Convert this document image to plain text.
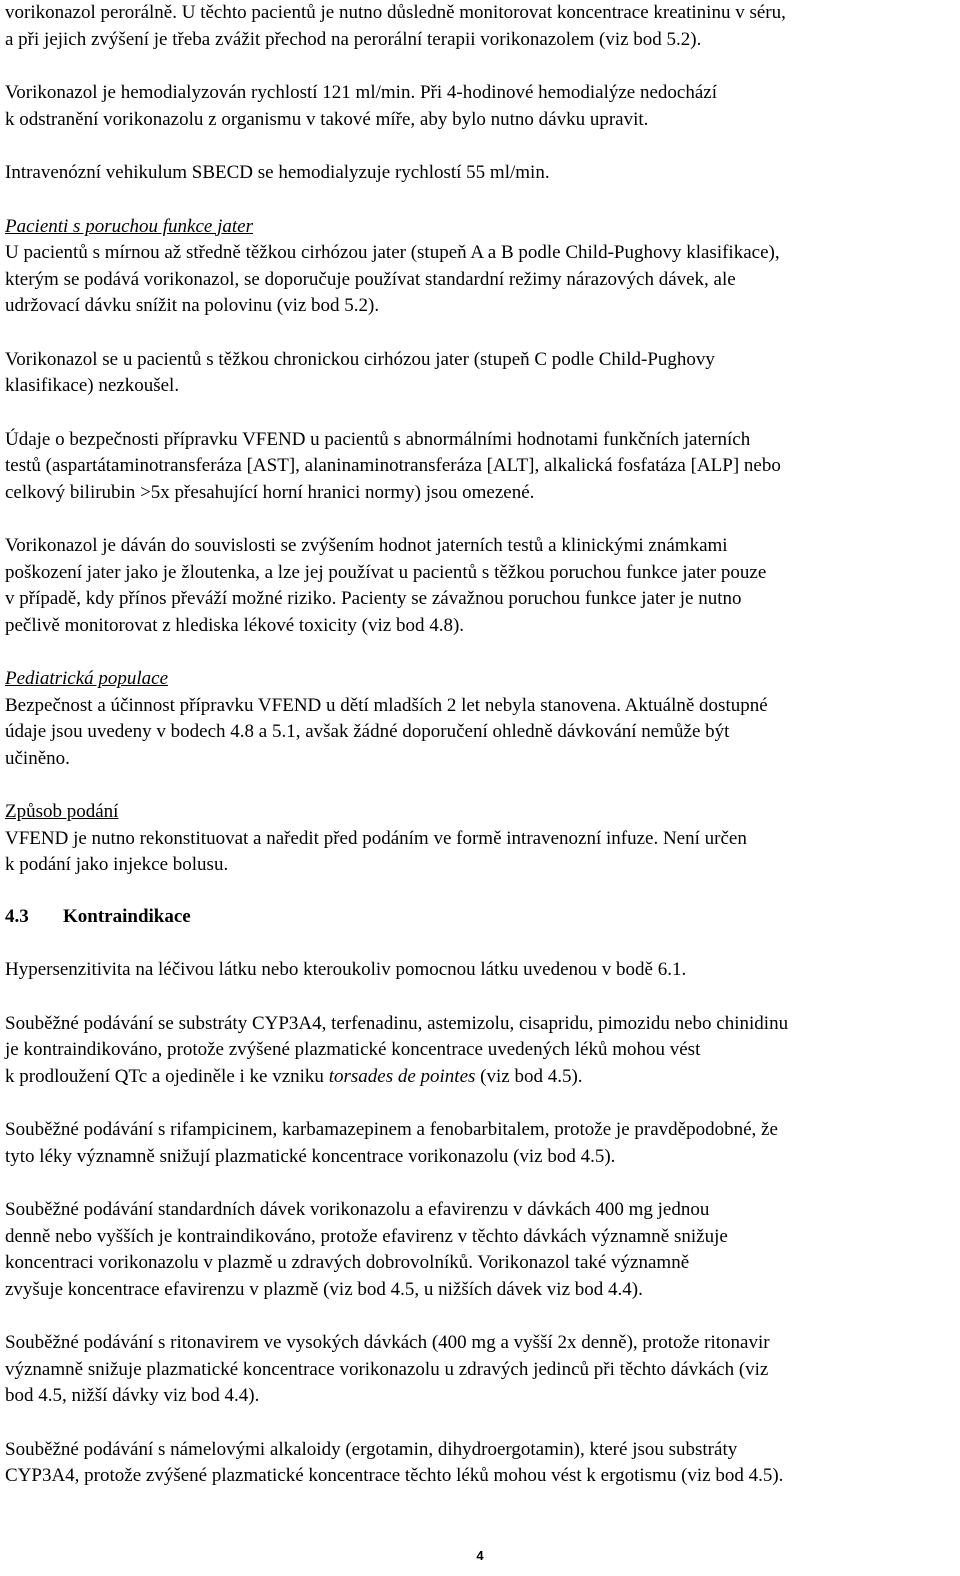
vorikonazol perorálně. U těchto pacientů je nutno důsledně monitorovat koncentrace kreatininu v séru,
a při jejich zvýšení je třeba zvážit přechod na perorální terapii vorikonazolem (viz bod 5.2).

Vorikonazol je hemodialyzován rychlostí 121 ml/min. Při 4-hodinové hemodialýze nedochází
k odstranění vorikonazolu z organismu v takové míře, aby bylo nutno dávku upravit.

Intravenózní vehikulum SBECD se hemodialyzuje rychlostí 55 ml/min.

Pacienti s poruchou funkce jater
U pacientů s mírnou až středně těžkou cirhózou jater (stupeň A a B podle Child-Pughovy klasifikace),
kterým se podává vorikonazol, se doporučuje používat standardní režimy nárazových dávek, ale
udržovací dávku snížit na polovinu (viz bod 5.2).

Vorikonazol se u pacientů s těžkou chronickou cirhózou jater (stupeň C podle Child-Pughovy
klasifikace) nezkoušel.

Údaje o bezpečnosti přípravku VFEND u pacientů s abnormálními hodnotami funkčních jaterních
testů (aspartátaminotransferáza [AST], alaninaminotransferáza [ALT], alkalická fosfatáza [ALP] nebo
celkový bilirubin >5x přesahující horní hranici normy) jsou omezené.

Vorikonazol je dáván do souvislosti se zvýšením hodnot jaterních testů a klinickými známkami
poškození jater jako je žloutenka, a lze jej používat u pacientů s těžkou poruchou funkce jater pouze
v případě, kdy přínos převáží možné riziko. Pacienty se závažnou poruchou funkce jater je nutno
pečlivě monitorovat z hlediska lékové toxicity (viz bod 4.8).

Pediatrická populace
Bezpečnost a účinnost přípravku VFEND u dětí mladších 2 let nebyla stanovena. Aktuálně dostupné
údaje jsou uvedeny v bodech 4.8 a 5.1, avšak žádné doporučení ohledně dávkování nemůže být
učiněno.

Způsob podání
VFEND je nutno rekonstituovat a naředit před podáním ve formě intravenozní infuze. Není určen
k podání jako injekce bolusu.

4.3 Kontraindikace

Hypersenzitivita na léčivou látku nebo kteroukoliv pomocnou látku uvedenou v bodě 6.1.

Souběžné podávání se substráty CYP3A4, terfenadinu, astemizolu, cisapridu, pimozidu nebo chinidinu
je kontraindikováno, protože zvýšené plazmatické koncentrace uvedených léků mohou vést
k prodloužení QTc a ojediněle i ke vzniku torsades de pointes (viz bod 4.5).

Souběžné podávání s rifampicinem, karbamazepinem a fenobarbitalem, protože je pravděpodobné, že
tyto léky významně snižují plazmatické koncentrace vorikonazolu (viz bod 4.5).

Souběžné podávání standardních dávek vorikonazolu a efavirenzu v dávkách 400 mg jednou
denně nebo vyšších je kontraindikováno, protože efavirenz v těchto dávkách významně snižuje
koncentraci vorikonazolu v plazmě u zdravých dobrovolníků. Vorikonazol také významně
zvyšuje koncentrace efavirenzu v plazmě (viz bod 4.5, u nižších dávek viz bod 4.4).

Souběžné podávání s ritonavirem ve vysokých dávkách (400 mg a vyšší 2x denně), protože ritonavir
významně snižuje plazmatické koncentrace vorikonazolu u zdravých jedinců při těchto dávkách (viz
bod 4.5, nižší dávky viz bod 4.4).

Souběžné podávání s námelovými alkaloidy (ergotamin, dihydroergotamin), které jsou substráty
CYP3A4, protože zvýšené plazmatické koncentrace těchto léků mohou vést k ergotismu (viz bod 4.5).

4
